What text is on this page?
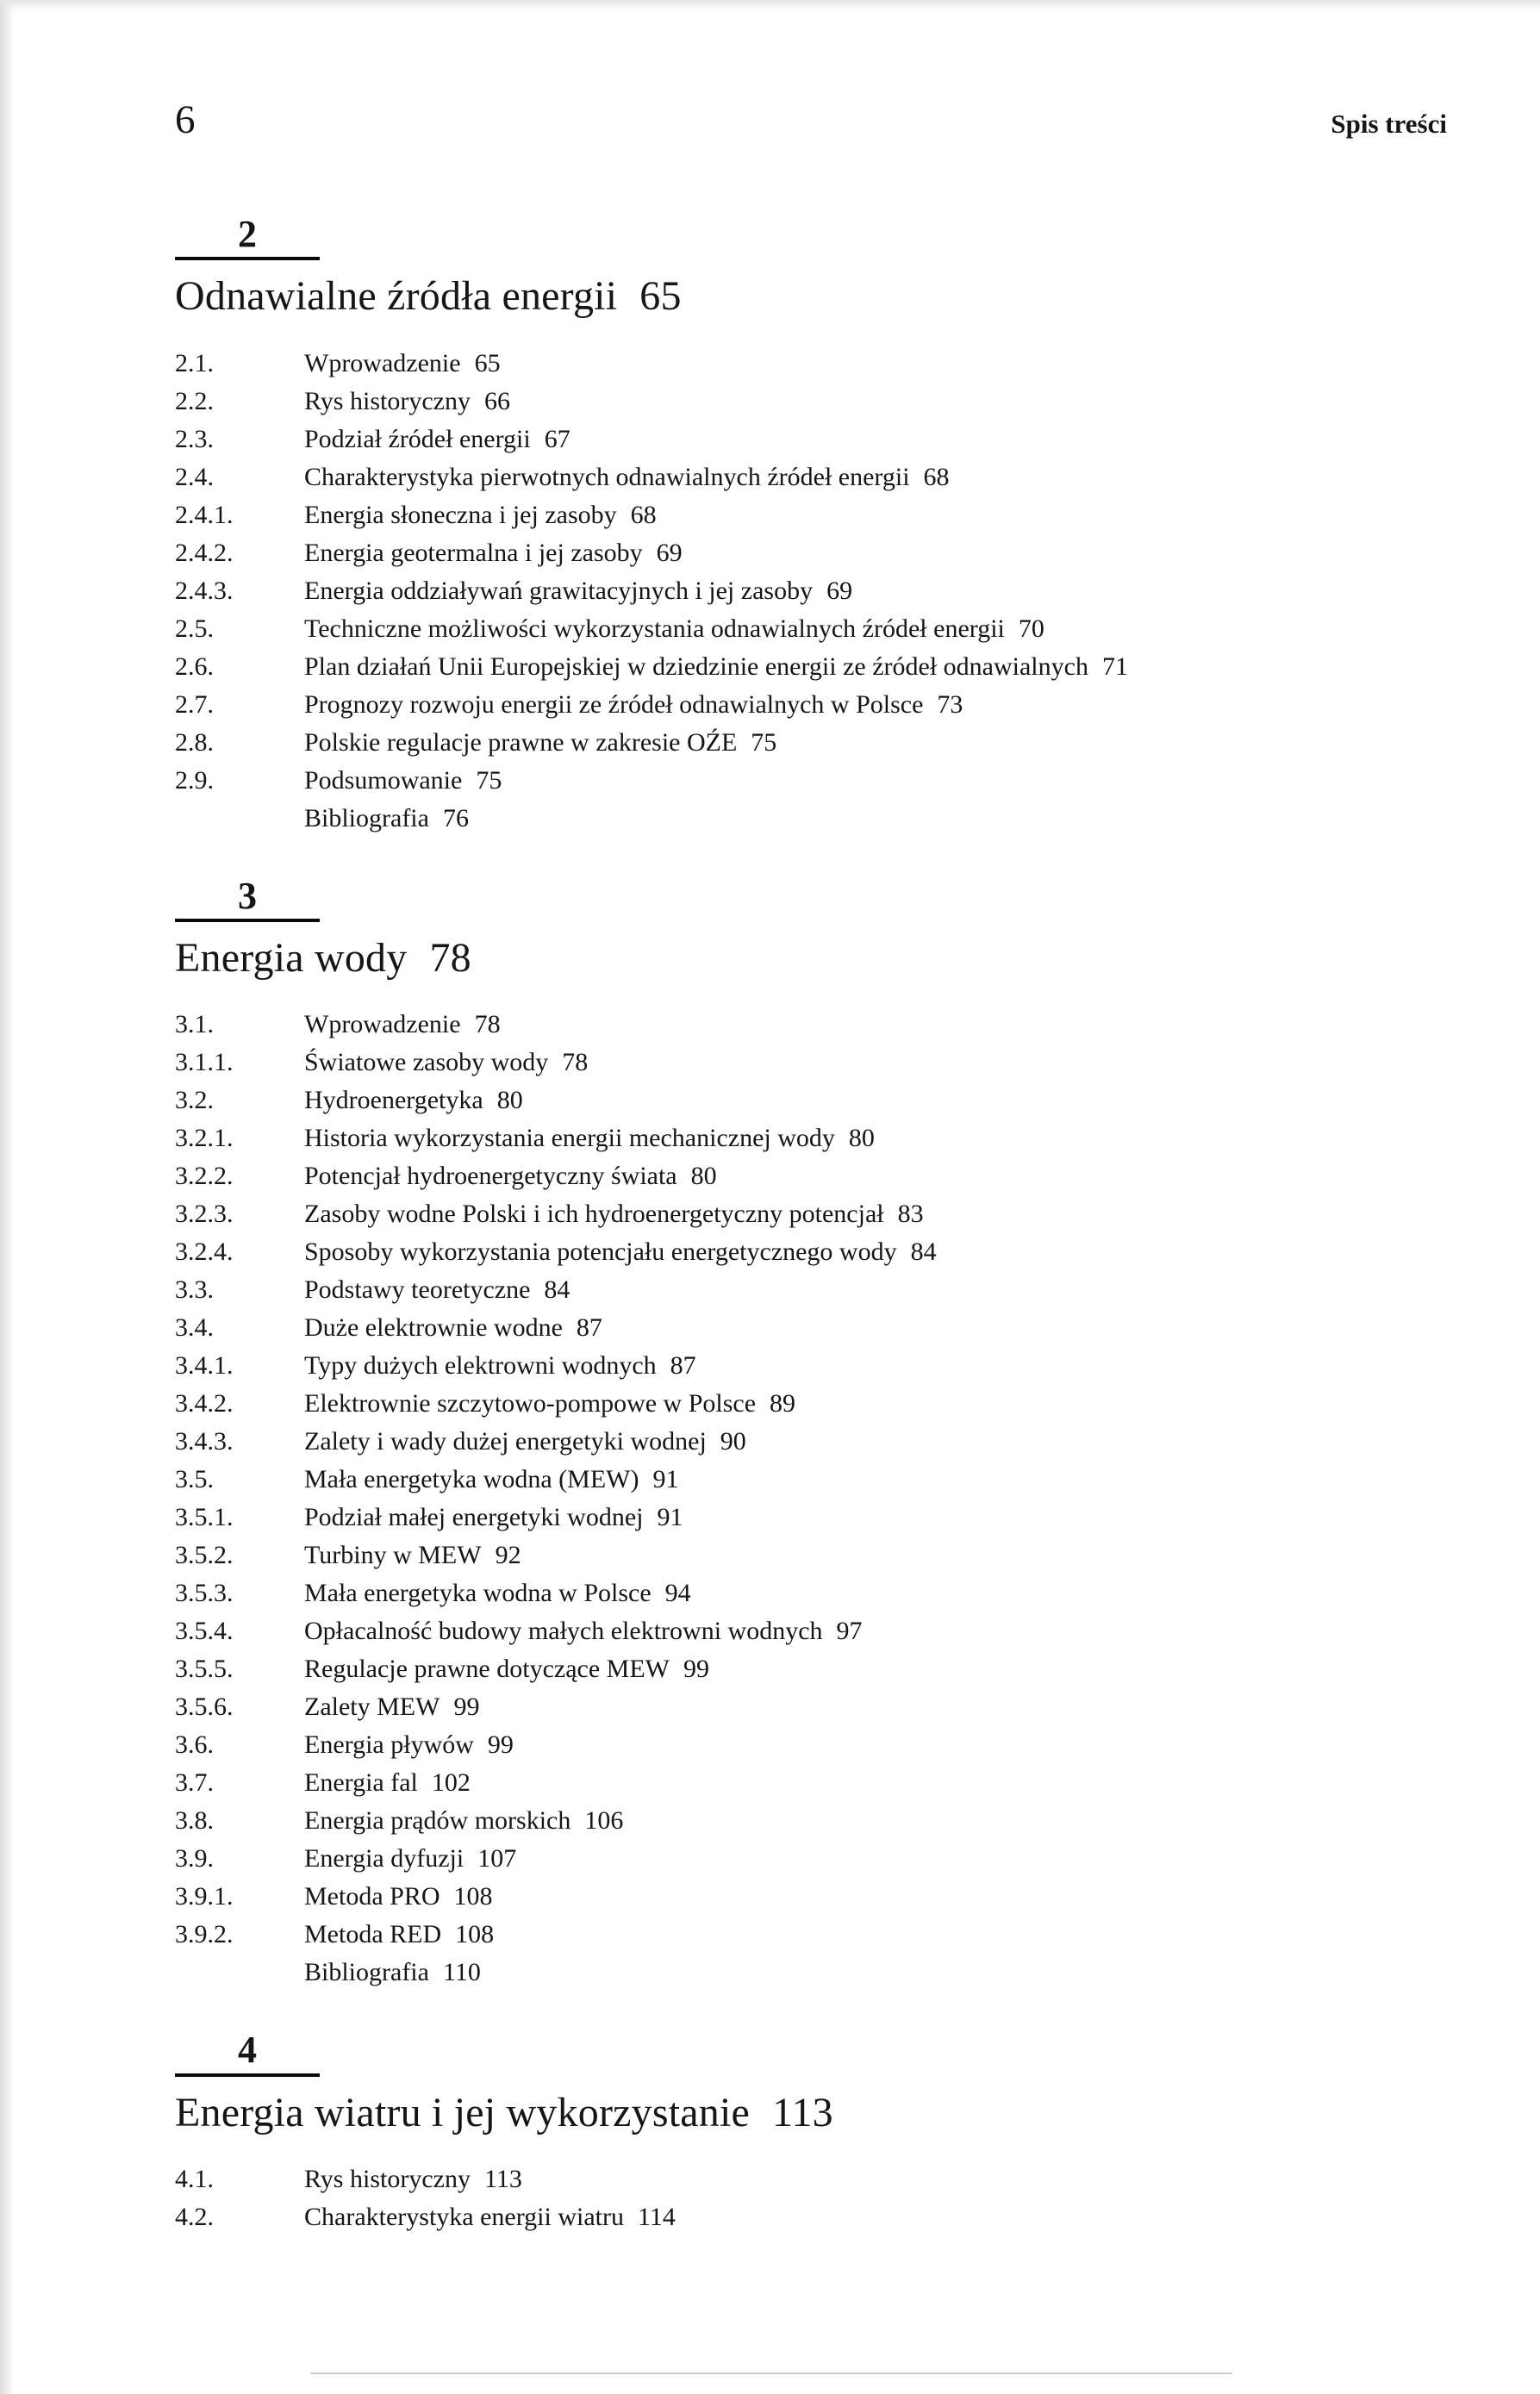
6	Spis treści
2
Odnawialne źródła energii 65
2.1.	Wprowadzenie 65
2.2.	Rys historyczny 66
2.3.	Podział źródeł energii 67
2.4.	Charakterystyka pierwotnych odnawialnych źródeł energii 68
2.4.1.	Energia słoneczna i jej zasoby 68
2.4.2.	Energia geotermalna i jej zasoby 69
2.4.3.	Energia oddziaływań grawitacyjnych i jej zasoby 69
2.5.	Techniczne możliwości wykorzystania odnawialnych źródeł energii 70
2.6.	Plan działań Unii Europejskiej w dziedzinie energii ze źródeł odnawialnych 71
2.7.	Prognozy rozwoju energii ze źródeł odnawialnych w Polsce 73
2.8.	Polskie regulacje prawne w zakresie OŹE 75
2.9.	Podsumowanie 75
Bibliografia 76
3
Energia wody 78
3.1.	Wprowadzenie 78
3.1.1.	Światowe zasoby wody 78
3.2.	Hydroenergetyka 80
3.2.1.	Historia wykorzystania energii mechanicznej wody 80
3.2.2.	Potencjał hydroenergetyczny świata 80
3.2.3.	Zasoby wodne Polski i ich hydroenergetyczny potencjał 83
3.2.4.	Sposoby wykorzystania potencjału energetycznego wody 84
3.3.	Podstawy teoretyczne 84
3.4.	Duże elektrownie wodne 87
3.4.1.	Typy dużych elektrowni wodnych 87
3.4.2.	Elektrownie szczytowo-pompowe w Polsce 89
3.4.3.	Zalety i wady dużej energetyki wodnej 90
3.5.	Mała energetyka wodna (MEW) 91
3.5.1.	Podział małej energetyki wodnej 91
3.5.2.	Turbiny w MEW 92
3.5.3.	Mała energetyka wodna w Polsce 94
3.5.4.	Opłacalność budowy małych elektrowni wodnych 97
3.5.5.	Regulacje prawne dotyczące MEW 99
3.5.6.	Zalety MEW 99
3.6.	Energia pływów 99
3.7.	Energia fal 102
3.8.	Energia prądów morskich 106
3.9.	Energia dyfuzji 107
3.9.1.	Metoda PRO 108
3.9.2.	Metoda RED 108
Bibliografia 110
4
Energia wiatru i jej wykorzystanie 113
4.1.	Rys historyczny 113
4.2.	Charakterystyka energii wiatru 114
